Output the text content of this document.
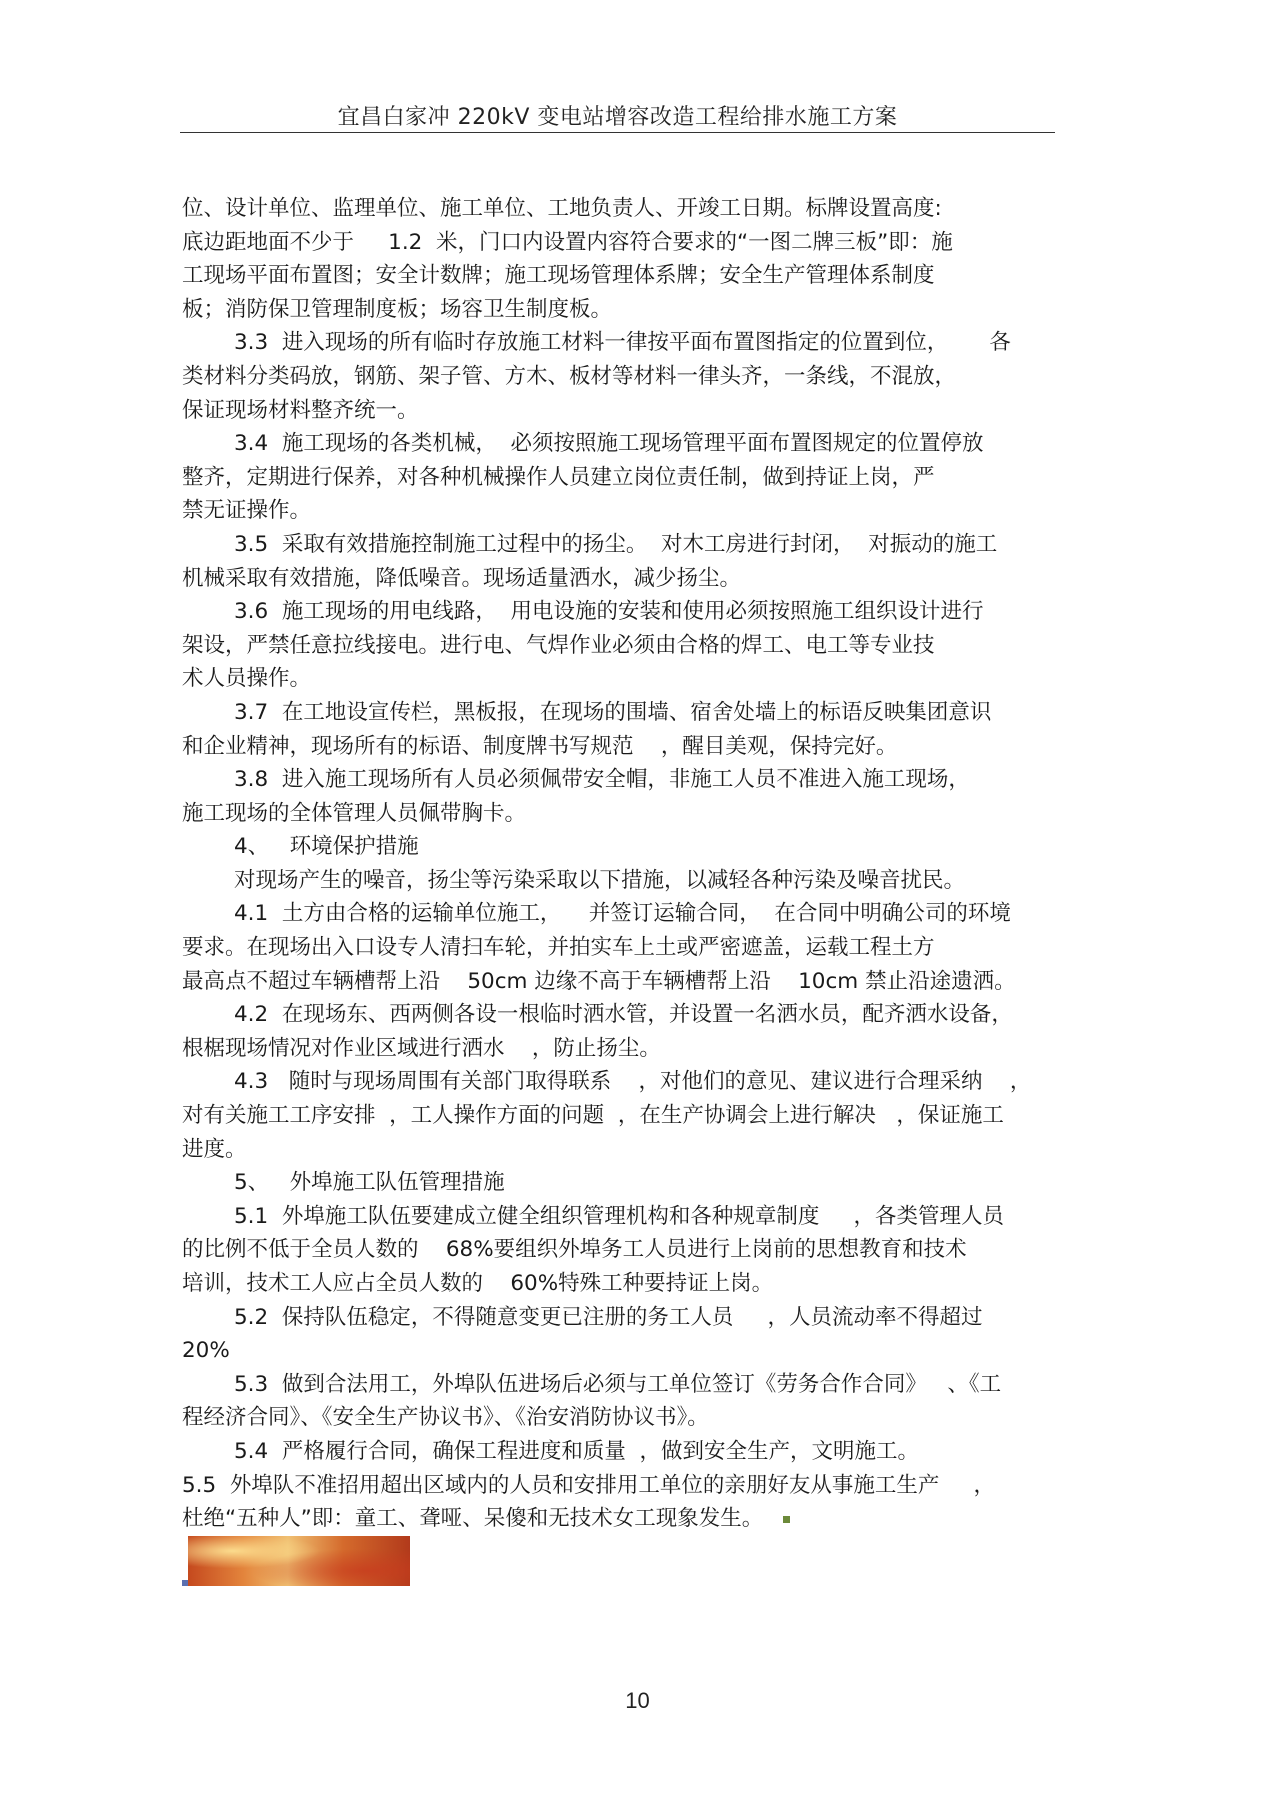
宜昌白家冲 220kV 变电站增容改造工程给排水施工方案
位、设计单位、监理单位、施工单位、工地负责人、开竣工日期。标牌设置高度:
底边距地面不少于     1.2  米，门口内设置内容符合要求的“一图二牌三板”即：施
工现场平面布置图；安全计数牌；施工现场管理体系牌；安全生产管理体系制度
板；消防保卫管理制度板；场容卫生制度板。
3.3  进入现场的所有临时存放施工材料一律按平面布置图指定的位置到位，      各
类材料分类码放，钢筋、架子管、方木、板材等材料一律头齐，一条线，不混放，
保证现场材料整齐统一。
3.4  施工现场的各类机械，  必须按照施工现场管理平面布置图规定的位置停放
整齐，定期进行保养，对各种机械操作人员建立岗位责任制，做到持证上岗，严
禁无证操作。
3.5  采取有效措施控制施工过程中的扬尘。  对木工房进行封闭，  对振动的施工
机械采取有效措施，降低噪音。现场适量洒水，减少扬尘。
3.6  施工现场的用电线路，  用电设施的安装和使用必须按照施工组织设计进行
架设，严禁任意拉线接电。进行电、气焊作业必须由合格的焊工、电工等专业技
术人员操作。
3.7  在工地设宣传栏，黑板报，在现场的围墙、宿舍处墙上的标语反映集团意识
和企业精神，现场所有的标语、制度牌书写规范    ，醒目美观，保持完好。
3.8  进入施工现场所有人员必须佩带安全帽，非施工人员不准进入施工现场，
施工现场的全体管理人员佩带胸卡。
4、   环境保护措施
对现场产生的噪音，扬尘等污染采取以下措施，以减轻各种污染及噪音扰民。
4.1  土方由合格的运输单位施工，    并签订运输合同，  在合同中明确公司的环境
要求。在现场出入口设专人清扫车轮，并拍实车上土或严密遮盖，运载工程土方
最高点不超过车辆槽帮上沿    50cm 边缘不高于车辆槽帮上沿    10cm 禁止沿途遗洒。
4.2  在现场东、西两侧各设一根临时洒水管，并设置一名洒水员，配齐洒水设备，
根椐现场情况对作业区域进行洒水    ，防止扬尘。
4.3   随时与现场周围有关部门取得联系    ，对他们的意见、建议进行合理采纳    ，
对有关施工工序安排  ，工人操作方面的问题  ，在生产协调会上进行解决   ，保证施工
进度。
5、   外埠施工队伍管理措施
5.1  外埠施工队伍要建成立健全组织管理机构和各种规章制度     ，各类管理人员
的比例不低于全员人数的    68%要组织外埠务工人员进行上岗前的思想教育和技术
培训，技术工人应占全员人数的    60%特殊工种要持证上岗。
5.2  保持队伍稳定，不得随意变更已注册的务工人员     ，人员流动率不得超过
20%
5.3  做到合法用工，外埠队伍进场后必须与工单位签订《劳务合作合同》   、《工
程经济合同》、《安全生产协议书》、《治安消防协议书》。
5.4  严格履行合同，确保工程进度和质量  ，做到安全生产，文明施工。
5.5  外埠队不准招用超出区域内的人员和安排用工单位的亲朋好友从事施工生产     ，
杜绝“五种人”即：童工、聋哑、呆傻和无技术女工现象发生。
10
